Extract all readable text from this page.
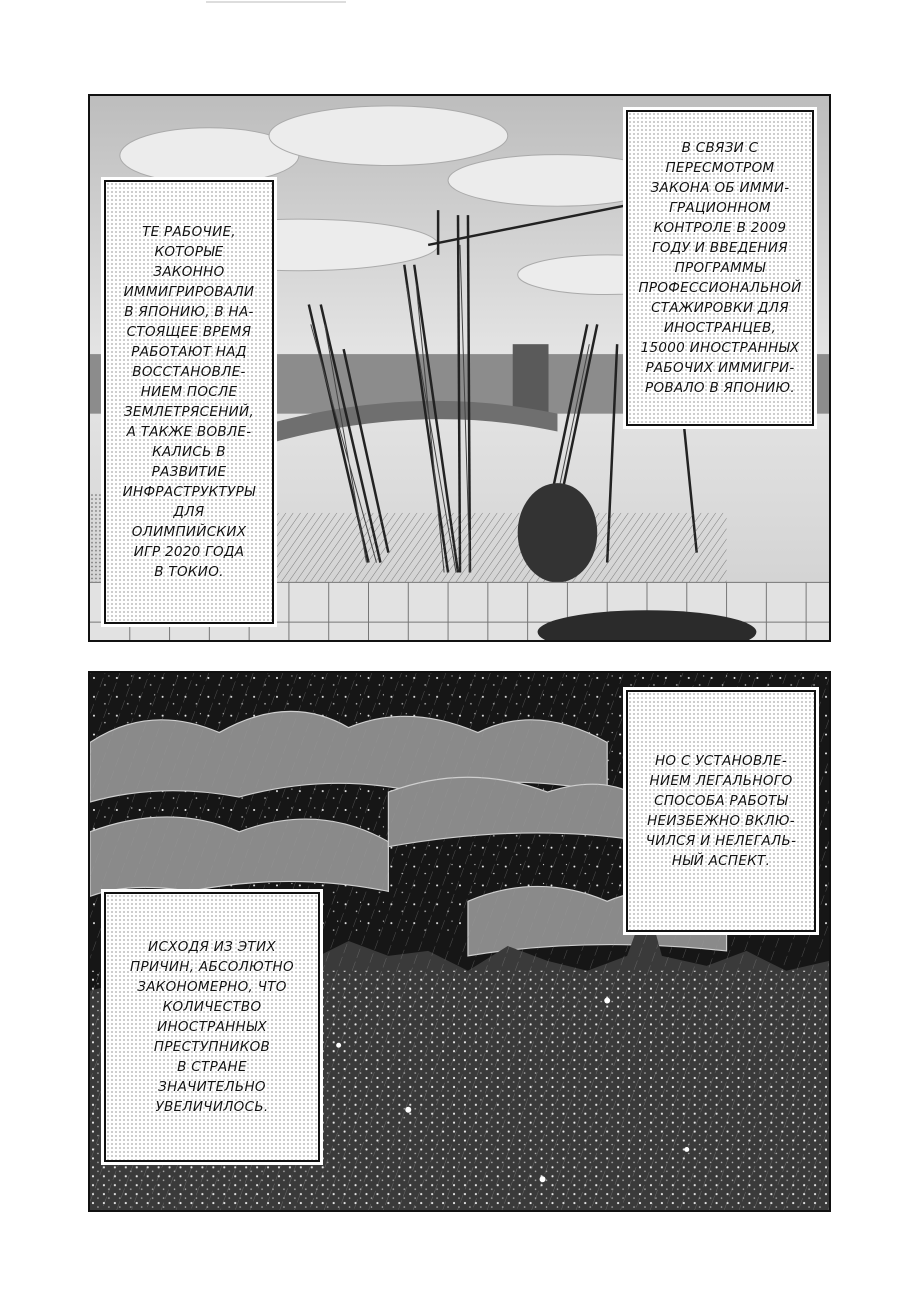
ТЕ РАБОЧИЕ,
КОТОРЫЕ ЗАКОННО
ИММИГРИРОВАЛИ
В ЯПОНИЮ, В НА-
СТОЯЩЕЕ ВРЕМЯ
РАБОТАЮТ НАД
ВОССТАНОВЛЕ-
НИЕМ ПОСЛЕ
ЗЕМЛЕТРЯСЕНИЙ,
А ТАКЖЕ ВОВЛЕ-
КАЛИСЬ В
РАЗВИТИЕ
ИНФРАСТРУКТУРЫ
ДЛЯ ОЛИМПИЙСКИХ
ИГР 2020 ГОДА
В ТОКИО.

В СВЯЗИ С
ПЕРЕСМОТРОМ
ЗАКОНА ОБ ИММИ-
ГРАЦИОННОМ
КОНТРОЛЕ В 2009
ГОДУ И ВВЕДЕНИЯ
ПРОГРАММЫ
ПРОФЕССИОНАЛЬНОЙ
СТАЖИРОВКИ ДЛЯ
ИНОСТРАНЦЕВ,
15000 ИНОСТРАННЫХ
РАБОЧИХ ИММИГРИ-
РОВАЛО В ЯПОНИЮ.

НО С УСТАНОВЛЕ-
НИЕМ ЛЕГАЛЬНОГО
СПОСОБА РАБОТЫ
НЕИЗБЕЖНО ВКЛЮ-
ЧИЛСЯ И НЕЛЕГАЛЬ-
НЫЙ АСПЕКТ.

ИСХОДЯ ИЗ ЭТИХ
ПРИЧИН, АБСОЛЮТНО
ЗАКОНОМЕРНО, ЧТО
КОЛИЧЕСТВО
ИНОСТРАННЫХ
ПРЕСТУПНИКОВ
В СТРАНЕ
ЗНАЧИТЕЛЬНО
УВЕЛИЧИЛОСЬ.
